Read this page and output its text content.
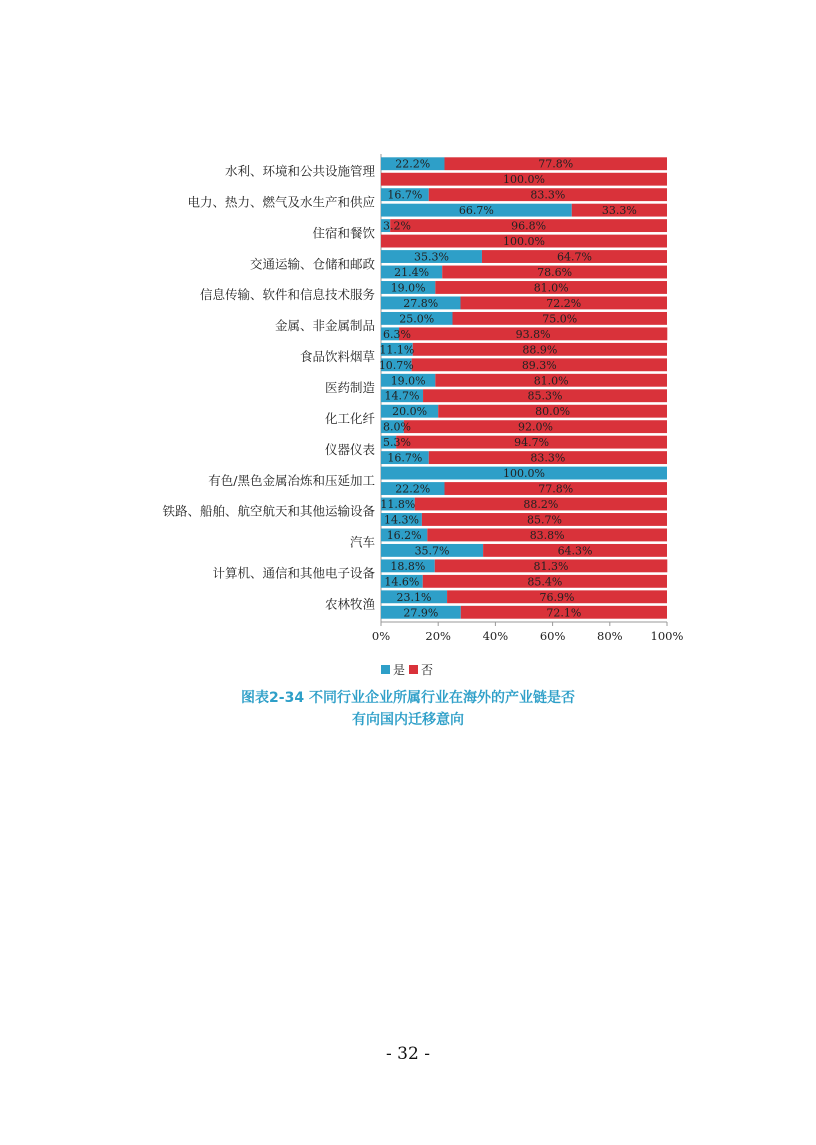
22.2%	77.8%
100.0%
16.7%	83.3%
66.7%	33.3%
3.2%	96.8%
100.0%
35.3%	64.7%
21.4%	78.6%
19.0%	81.0%
27.8%	72.2%
25.0%	75.0%
6.3%	93.8%
11.1%	88.9%
10.7%	89.3%
19.0%	81.0%
14.7%	85.3%
20.0%	80.0%
8.0%	92.0%
5.3%	94.7%
16.7%	83.3%
100.0%
22.2%	77.8%
11.8%	88.2%
14.3%	85.7%
16.2%	83.8%
35.7%	64.3%
18.8%	81.3%
14.6%	85.4%
23.1%	76.9%
27.9%	72.1%
水利、环境和公共设施管理
电力、热力、燃气及水生产和供应
住宿和餐饮
交通运输、仓储和邮政
信息传输、软件和信息技术服务
金属、非金属制品
食品饮料烟草
医药制造
化工化纤
仪器仪表
有色/黑色金属冶炼和压延加工
铁路、船舶、航空航天和其他运输设备
汽车
计算机、通信和其他电子设备
农林牧渔
0%	20%	40%	60%	80% 100%
是 否
图表2-34 不同行业企业所属行业在海外的产业链是否
有向国内迁移意向
- 32 -
